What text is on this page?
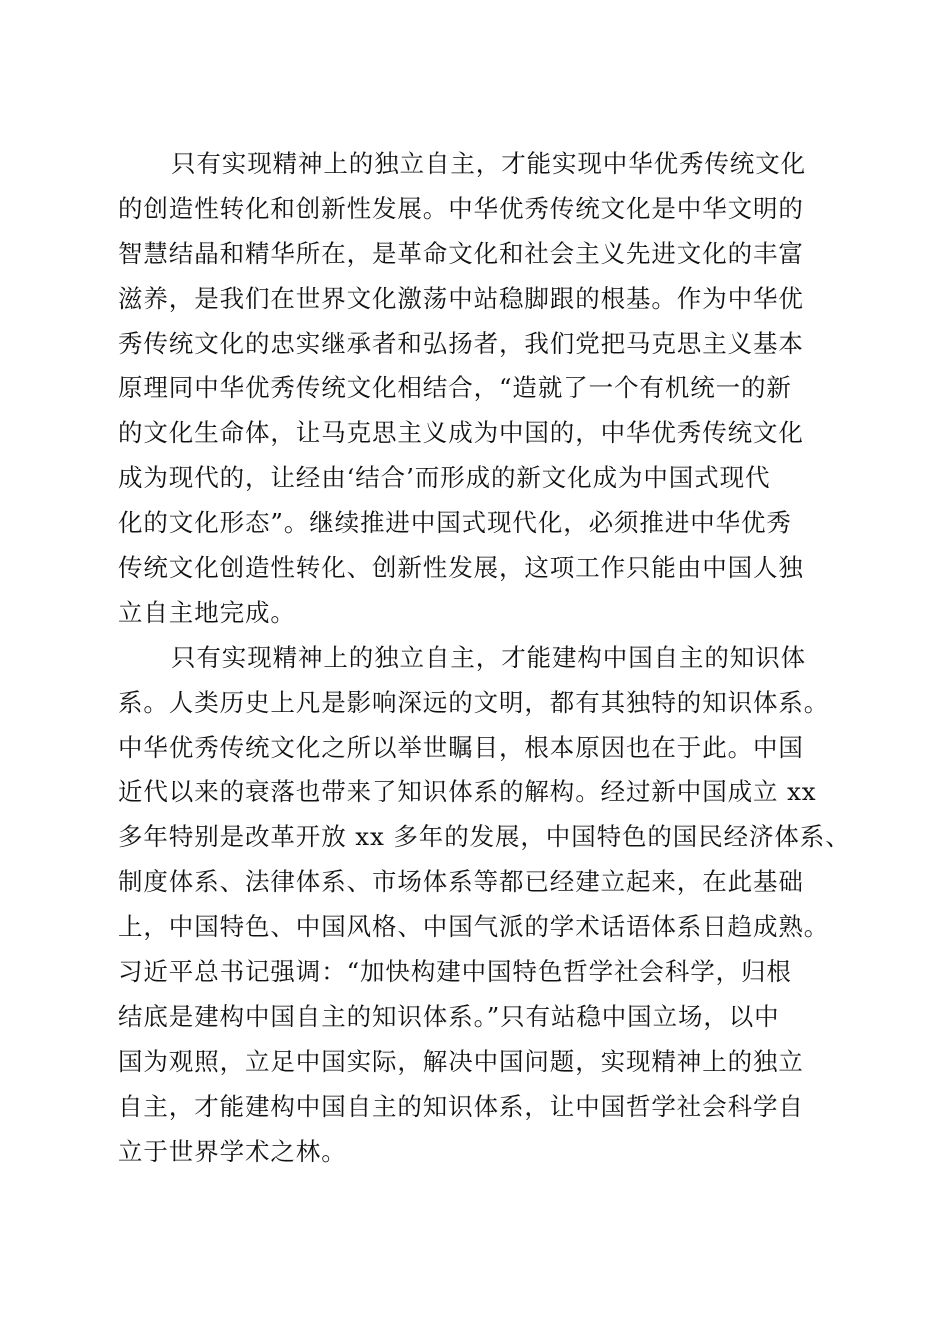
只有实现精神上的独立自主，才能实现中华优秀传统文化
的创造性转化和创新性发展。中华优秀传统文化是中华文明的
智慧结晶和精华所在，是革命文化和社会主义先进文化的丰富
滋养，是我们在世界文化激荡中站稳脚跟的根基。作为中华优
秀传统文化的忠实继承者和弘扬者，我们党把马克思主义基本
原理同中华优秀传统文化相结合，“造就了一个有机统一的新
的文化生命体，让马克思主义成为中国的，中华优秀传统文化
成为现代的，让经由‘结合’而形成的新文化成为中国式现代
化的文化形态”。继续推进中国式现代化，必须推进中华优秀
传统文化创造性转化、创新性发展，这项工作只能由中国人独
立自主地完成。
只有实现精神上的独立自主，才能建构中国自主的知识体
系。人类历史上凡是影响深远的文明，都有其独特的知识体系。
中华优秀传统文化之所以举世瞩目，根本原因也在于此。中国
近代以来的衰落也带来了知识体系的解构。经过新中国成立 xx
多年特别是改革开放 xx 多年的发展，中国特色的国民经济体系、
制度体系、法律体系、市场体系等都已经建立起来，在此基础
上，中国特色、中国风格、中国气派的学术话语体系日趋成熟。
习近平总书记强调：“加快构建中国特色哲学社会科学，归根
结底是建构中国自主的知识体系。”只有站稳中国立场，以中
国为观照，立足中国实际，解决中国问题，实现精神上的独立
自主，才能建构中国自主的知识体系，让中国哲学社会科学自
立于世界学术之林。
